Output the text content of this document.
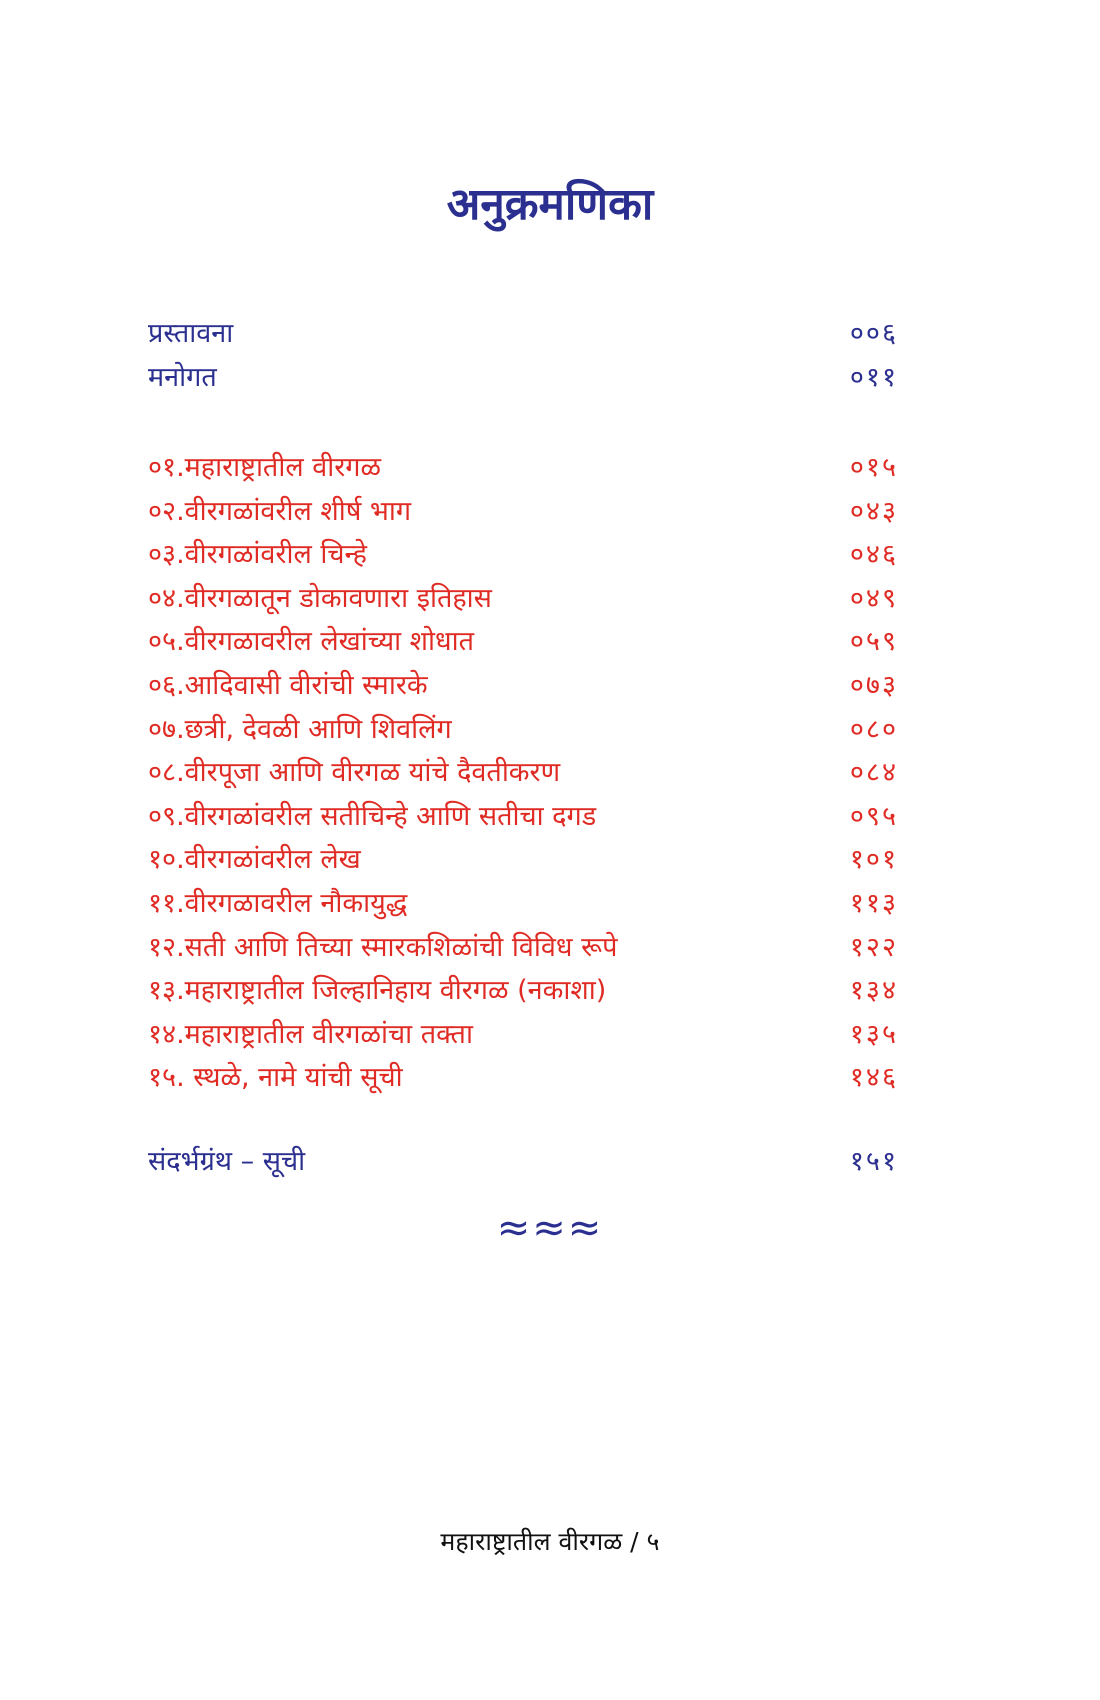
अनुक्रमणिका
प्रस्तावना	००६
मनोगत	०११
०१.महाराष्ट्रातील वीरगळ	०१५
०२.वीरगळांवरील शीर्ष भाग	०४३
०३.वीरगळांवरील चिन्हे	०४६
०४.वीरगळातून डोकावणारा इतिहास	०४९
०५.वीरगळावरील लेखांच्या शोधात	०५९
०६.आदिवासी वीरांची स्मारके	०७३
०७.छत्री, देवळी आणि शिवलिंग	०८०
०८.वीरपूजा आणि वीरगळ यांचे दैवतीकरण	०८४
०९.वीरगळांवरील सतीचिन्हे आणि सतीचा दगड	०९५
१०.वीरगळांवरील लेख	१०१
११.वीरगळावरील नौकायुद्ध	११३
१२.सती आणि तिच्या स्मारकशिळांची विविध रूपे	१२२
१३.महाराष्ट्रातील जिल्हानिहाय वीरगळ (नकाशा)	१३४
१४.महाराष्ट्रातील वीरगळांचा तक्ता	१३५
१५. स्थळे, नामे यांची सूची	१४६
संदर्भग्रंथ – सूची	१५१
≈≈≈
महाराष्ट्रातील वीरगळ / ५
